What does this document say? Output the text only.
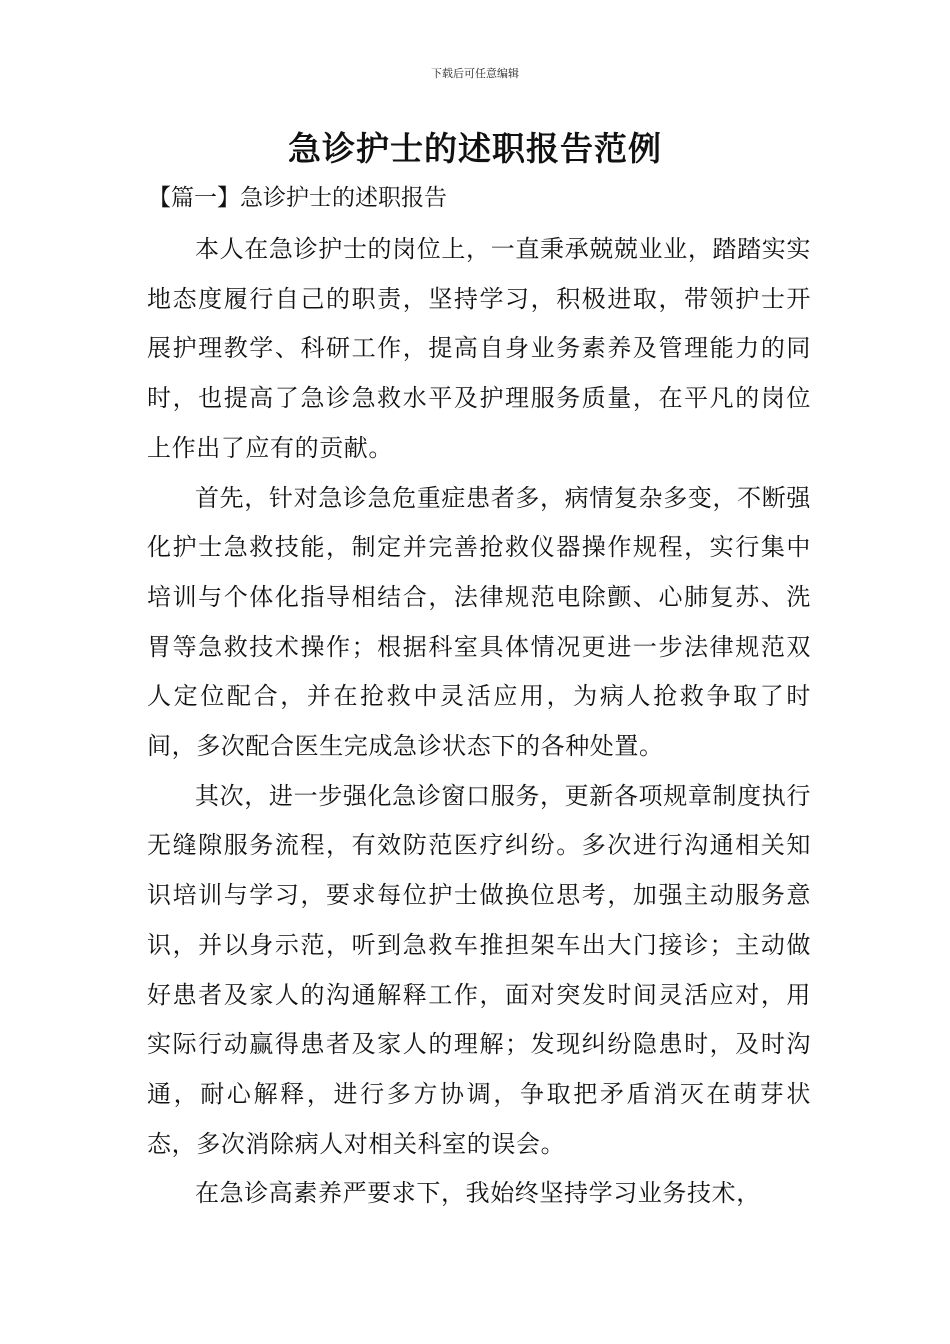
下载后可任意编辑
急诊护士的述职报告范例
【篇一】急诊护士的述职报告

本人在急诊护士的岗位上，一直秉承兢兢业业，踏踏实实地态度履行自己的职责，坚持学习，积极进取，带领护士开展护理教学、科研工作，提高自身业务素养及管理能力的同时，也提高了急诊急救水平及护理服务质量，在平凡的岗位上作出了应有的贡献。

首先，针对急诊急危重症患者多，病情复杂多变，不断强化护士急救技能，制定并完善抢救仪器操作规程，实行集中培训与个体化指导相结合，法律规范电除颤、心肺复苏、洗胃等急救技术操作；根据科室具体情况更进一步法律规范双人定位配合，并在抢救中灵活应用，为病人抢救争取了时间，多次配合医生完成急诊状态下的各种处置。

其次，进一步强化急诊窗口服务，更新各项规章制度执行无缝隙服务流程，有效防范医疗纠纷。多次进行沟通相关知识培训与学习，要求每位护士做换位思考，加强主动服务意识，并以身示范，听到急救车推担架车出大门接诊；主动做好患者及家人的沟通解释工作，面对突发时间灵活应对，用实际行动赢得患者及家人的理解；发现纠纷隐患时，及时沟通，耐心解释，进行多方协调，争取把矛盾消灭在萌芽状态，多次消除病人对相关科室的误会。

在急诊高素养严要求下，我始终坚持学习业务技术，
